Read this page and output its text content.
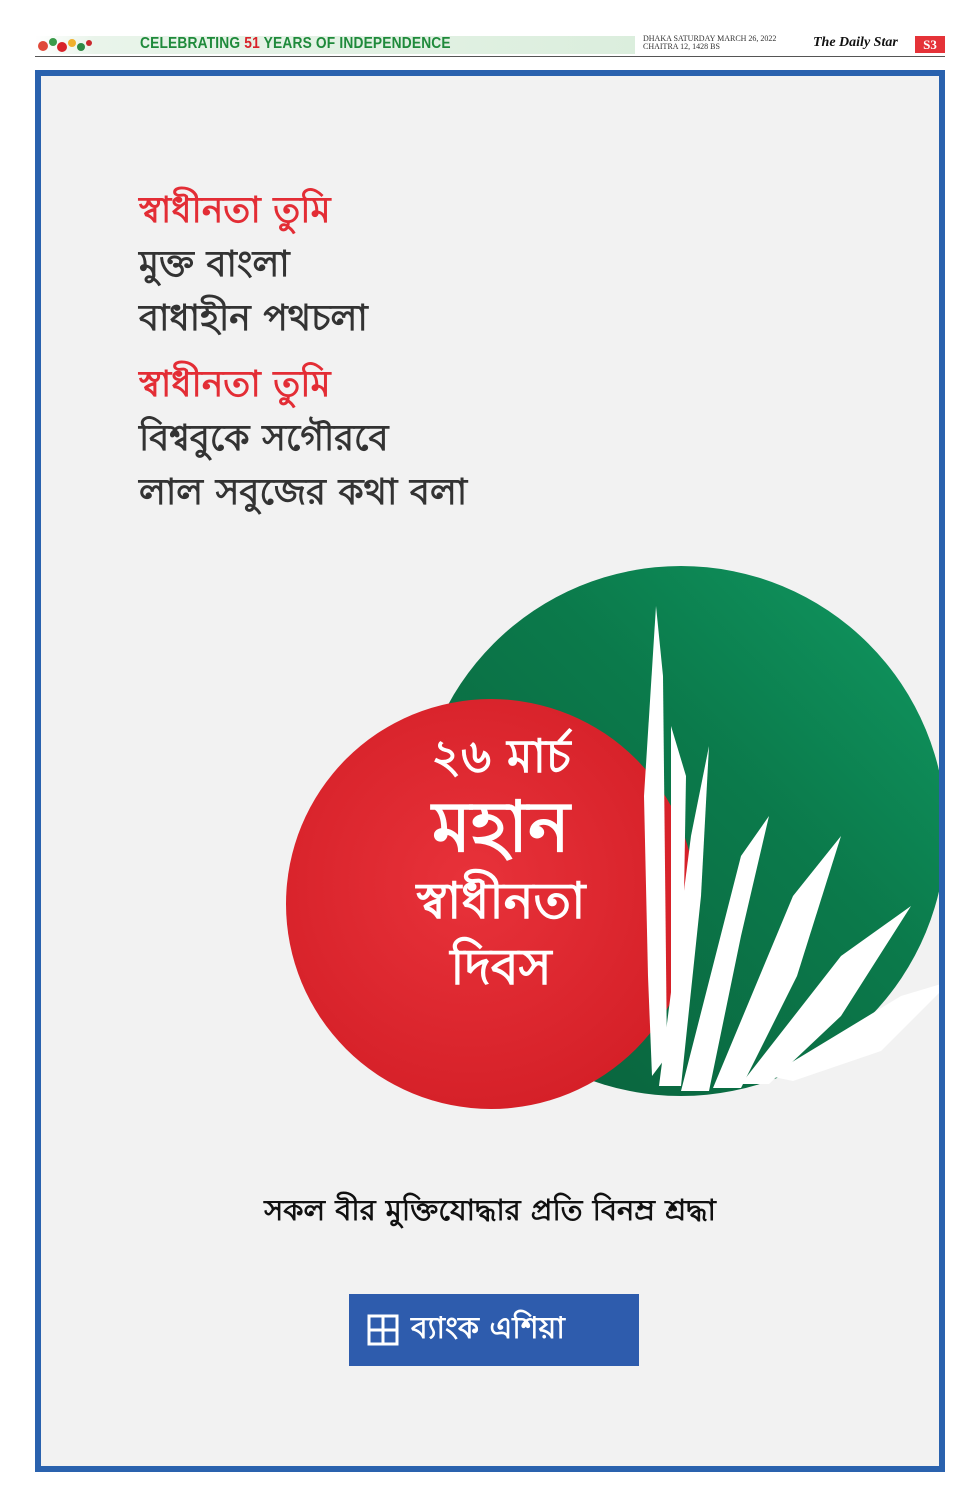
CELEBRATING 51 YEARS OF INDEPENDENCE	DHAKA SATURDAY MARCH 26, 2022
CHAITRA 12, 1428 BS	The Daily Star	S3
স্বাধীনতা তুমি
মুক্ত বাংলা
বাধাহীন পথচলা
স্বাধীনতা তুমি
বিশ্ববুকে সগৌরবে
লাল সবুজের কথা বলা
২৬ মার্চ
মহান
স্বাধীনতা
দিবস
সকল বীর মুক্তিযোদ্ধার প্রতি বিনম্র শ্রদ্ধা
ব্যাংক এশিয়া
